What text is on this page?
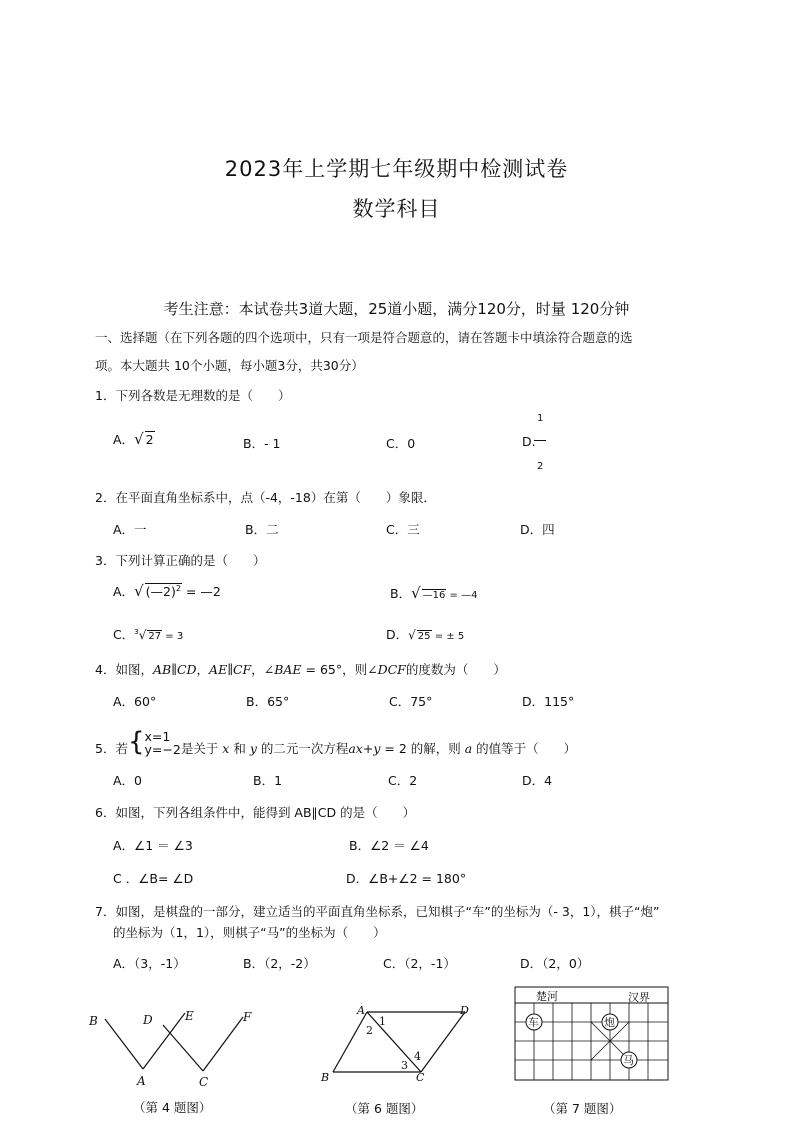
2023年上学期七年级期中检测试卷
数学科目
考生注意：本试卷共3道大题，25道小题，满分120分，时量 120分钟
一、选择题（在下列各题的四个选项中，只有一项是符合题意的，请在答题卡中填涂符合题意的选
项。本大题共 10个小题，每小题3分，共30分）
1．下列各数是无理数的是（　　）
A．√ 2	B．- 1	C．0	D.
1
2
2．在平面直角坐标系中，点（-4，-18）在第（　　）象限．
A．一	B．二	C．三	D．四
3．下列计算正确的是（　　）
A．√ (—2)$^2$ = —2	B．√ —16 = —4
C．$^3$√ 27 = 3	D．√ 25 = ± 5
4．如图，AB∥CD，AE∥CF，∠BAE = 65°，则∠DCF的度数为（　　）
A．60°	B．65°	C．75°	D．115°
5．若{x=1
y=−2是关于 x 和 y 的二元一次方程ax+y = 2 的解，则 a 的值等于（　　）
A．0	B．1	C．2	D．4
6．如图，下列各组条件中，能得到 AB∥CD 的是（　　）
A．∠1 ＝ ∠3	B．∠2 ＝ ∠4
C ．∠B= ∠D	D．∠B+∠2 = 180°
7．如图，是棋盘的一部分，建立适当的平面直角坐标系，已知棋子“车”的坐标为（- 3，1），棋子“炮”
的坐标为（1，1），则棋子“马”的坐标为（　　）
A．（3，-1）	B．（2，-2）	C．（2，-1）	D．（2，0）
B	D	E	F
A	C
（第 4 题图）
A	D
B	C
1
2
3
4
（第 6 题图）
楚河	汉界
车	炮
马
（第 7 题图）
